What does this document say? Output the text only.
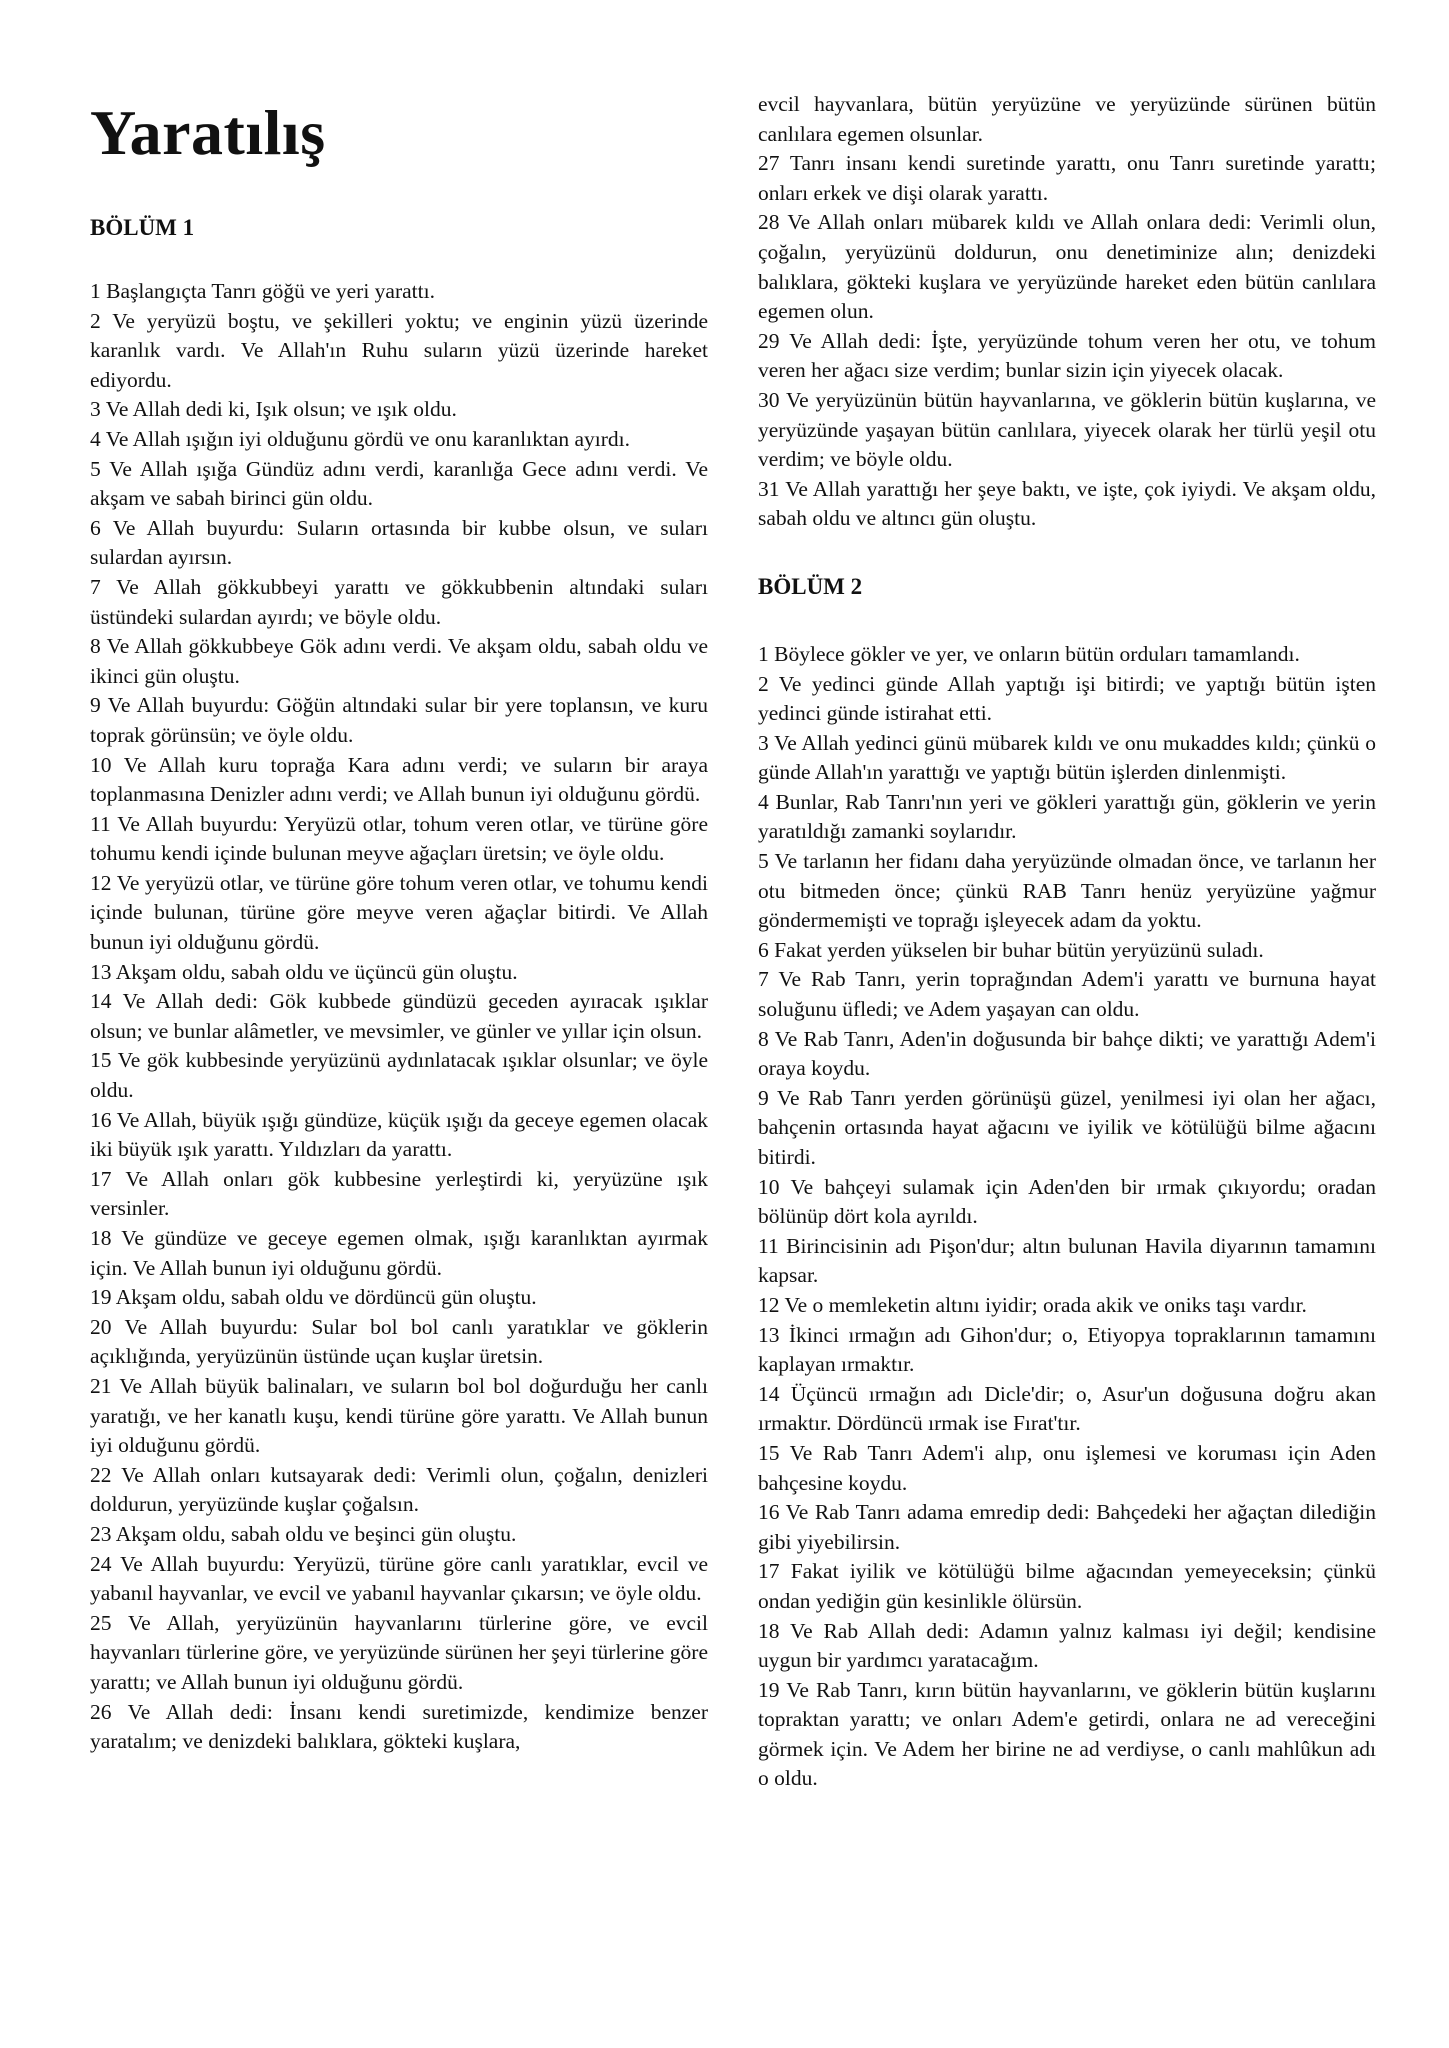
Yaratılış
BÖLÜM 1

1 Başlangıçta Tanrı göğü ve yeri yarattı.

2 Ve yeryüzü boştu, ve şekilleri yoktu; ve enginin yüzü üzerinde karanlık vardı. Ve Allah'ın Ruhu suların yüzü üzerinde hareket ediyordu.

3 Ve Allah dedi ki, Işık olsun; ve ışık oldu.

4 Ve Allah ışığın iyi olduğunu gördü ve onu karanlıktan ayırdı.

5 Ve Allah ışığa Gündüz adını verdi, karanlığa Gece adını verdi. Ve akşam ve sabah birinci gün oldu.

6 Ve Allah buyurdu: Suların ortasında bir kubbe olsun, ve suları sulardan ayırsın.

7 Ve Allah gökkubbeyi yarattı ve gökkubbenin altındaki suları üstündeki sulardan ayırdı; ve böyle oldu.

8 Ve Allah gökkubbeye Gök adını verdi. Ve akşam oldu, sabah oldu ve ikinci gün oluştu.

9 Ve Allah buyurdu: Göğün altındaki sular bir yere toplansın, ve kuru toprak görünsün; ve öyle oldu.

10 Ve Allah kuru toprağa Kara adını verdi; ve suların bir araya toplanmasına Denizler adını verdi; ve Allah bunun iyi olduğunu gördü.

11 Ve Allah buyurdu: Yeryüzü otlar, tohum veren otlar, ve türüne göre tohumu kendi içinde bulunan meyve ağaçları üretsin; ve öyle oldu.

12 Ve yeryüzü otlar, ve türüne göre tohum veren otlar, ve tohumu kendi içinde bulunan, türüne göre meyve veren ağaçlar bitirdi. Ve Allah bunun iyi olduğunu gördü.

13 Akşam oldu, sabah oldu ve üçüncü gün oluştu.

14 Ve Allah dedi: Gök kubbede gündüzü geceden ayıracak ışıklar olsun; ve bunlar alâmetler, ve mevsimler, ve günler ve yıllar için olsun.

15 Ve gök kubbesinde yeryüzünü aydınlatacak ışıklar olsunlar; ve öyle oldu.

16 Ve Allah, büyük ışığı gündüze, küçük ışığı da geceye egemen olacak iki büyük ışık yarattı. Yıldızları da yarattı.

17 Ve Allah onları gök kubbesine yerleştirdi ki, yeryüzüne ışık versinler.

18 Ve gündüze ve geceye egemen olmak, ışığı karanlıktan ayırmak için. Ve Allah bunun iyi olduğunu gördü.

19 Akşam oldu, sabah oldu ve dördüncü gün oluştu.

20 Ve Allah buyurdu: Sular bol bol canlı yaratıklar ve göklerin açıklığında, yeryüzünün üstünde uçan kuşlar üretsin.

21 Ve Allah büyük balinaları, ve suların bol bol doğurduğu her canlı yaratığı, ve her kanatlı kuşu, kendi türüne göre yarattı. Ve Allah bunun iyi olduğunu gördü.

22 Ve Allah onları kutsayarak dedi: Verimli olun, çoğalın, denizleri doldurun, yeryüzünde kuşlar çoğalsın.

23 Akşam oldu, sabah oldu ve beşinci gün oluştu.

24 Ve Allah buyurdu: Yeryüzü, türüne göre canlı yaratıklar, evcil ve yabanıl hayvanlar, ve evcil ve yabanıl hayvanlar çıkarsın; ve öyle oldu.

25 Ve Allah, yeryüzünün hayvanlarını türlerine göre, ve evcil hayvanları türlerine göre, ve yeryüzünde sürünen her şeyi türlerine göre yarattı; ve Allah bunun iyi olduğunu gördü.

26 Ve Allah dedi: İnsanı kendi suretimizde, kendimize benzer yaratalım; ve denizdeki balıklara, gökteki kuşlara,

evcil hayvanlara, bütün yeryüzüne ve yeryüzünde sürünen bütün canlılara egemen olsunlar.

27 Tanrı insanı kendi suretinde yarattı, onu Tanrı suretinde yarattı; onları erkek ve dişi olarak yarattı.

28 Ve Allah onları mübarek kıldı ve Allah onlara dedi: Verimli olun, çoğalın, yeryüzünü doldurun, onu denetiminize alın; denizdeki balıklara, gökteki kuşlara ve yeryüzünde hareket eden bütün canlılara egemen olun.

29 Ve Allah dedi: İşte, yeryüzünde tohum veren her otu, ve tohum veren her ağacı size verdim; bunlar sizin için yiyecek olacak.

30 Ve yeryüzünün bütün hayvanlarına, ve göklerin bütün kuşlarına, ve yeryüzünde yaşayan bütün canlılara, yiyecek olarak her türlü yeşil otu verdim; ve böyle oldu.

31 Ve Allah yarattığı her şeye baktı, ve işte, çok iyiydi. Ve akşam oldu, sabah oldu ve altıncı gün oluştu.

BÖLÜM 2

1 Böylece gökler ve yer, ve onların bütün orduları tamamlandı.

2 Ve yedinci günde Allah yaptığı işi bitirdi; ve yaptığı bütün işten yedinci günde istirahat etti.

3 Ve Allah yedinci günü mübarek kıldı ve onu mukaddes kıldı; çünkü o günde Allah'ın yarattığı ve yaptığı bütün işlerden dinlenmişti.

4 Bunlar, Rab Tanrı'nın yeri ve gökleri yarattığı gün, göklerin ve yerin yaratıldığı zamanki soylarıdır.

5 Ve tarlanın her fidanı daha yeryüzünde olmadan önce, ve tarlanın her otu bitmeden önce; çünkü RAB Tanrı henüz yeryüzüne yağmur göndermemişti ve toprağı işleyecek adam da yoktu.

6 Fakat yerden yükselen bir buhar bütün yeryüzünü suladı.

7 Ve Rab Tanrı, yerin toprağından Adem'i yarattı ve burnuna hayat soluğunu üfledi; ve Adem yaşayan can oldu.

8 Ve Rab Tanrı, Aden'in doğusunda bir bahçe dikti; ve yarattığı Adem'i oraya koydu.

9 Ve Rab Tanrı yerden görünüşü güzel, yenilmesi iyi olan her ağacı, bahçenin ortasında hayat ağacını ve iyilik ve kötülüğü bilme ağacını bitirdi.

10 Ve bahçeyi sulamak için Aden'den bir ırmak çıkıyordu; oradan bölünüp dört kola ayrıldı.

11 Birincisinin adı Pişon'dur; altın bulunan Havila diyarının tamamını kapsar.

12 Ve o memleketin altını iyidir; orada akik ve oniks taşı vardır.

13 İkinci ırmağın adı Gihon'dur; o, Etiyopya topraklarının tamamını kaplayan ırmaktır.

14 Üçüncü ırmağın adı Dicle'dir; o, Asur'un doğusuna doğru akan ırmaktır. Dördüncü ırmak ise Fırat'tır.

15 Ve Rab Tanrı Adem'i alıp, onu işlemesi ve koruması için Aden bahçesine koydu.

16 Ve Rab Tanrı adama emredip dedi: Bahçedeki her ağaçtan dilediğin gibi yiyebilirsin.

17 Fakat iyilik ve kötülüğü bilme ağacından yemeyeceksin; çünkü ondan yediğin gün kesinlikle ölürsün.

18 Ve Rab Allah dedi: Adamın yalnız kalması iyi değil; kendisine uygun bir yardımcı yaratacağım.

19 Ve Rab Tanrı, kırın bütün hayvanlarını, ve göklerin bütün kuşlarını topraktan yarattı; ve onları Adem'e getirdi, onlara ne ad vereceğini görmek için. Ve Adem her birine ne ad verdiyse, o canlı mahlûkun adı o oldu.
